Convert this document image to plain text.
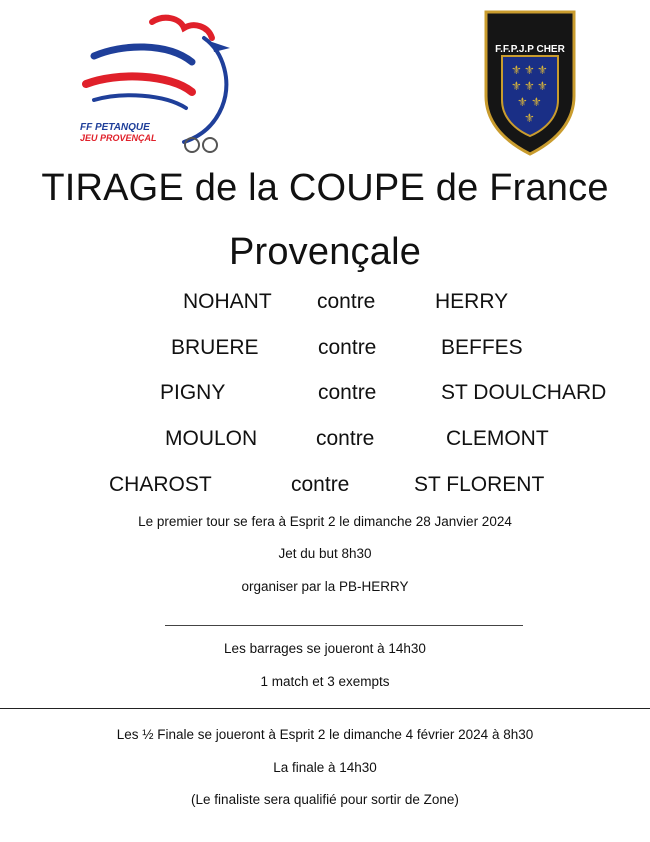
FF PETANQUE
JEU PROVENÇAL
⚜ ⚜ ⚜
⚜ ⚜ ⚜
⚜ ⚜
⚜
F.F.P.J.P CHER
TIRAGE de la COUPE de France
Provençale
NOHANT contre	HERRY
BRUERE	contre	BEFFES
PIGNY	contre	ST DOULCHARD
MOULON	contre	CLEMONT
CHAROST	contre	ST FLORENT
Le premier tour se fera à Esprit 2 le dimanche 28 Janvier 2024
Jet du but 8h30
organiser par la PB-HERRY
Les barrages se joueront à 14h30
1 match et 3 exempts
Les ½ Finale se joueront à Esprit 2 le dimanche 4 février 2024 à 8h30
La finale à 14h30
(Le finaliste sera qualifié pour sortir de Zone)
